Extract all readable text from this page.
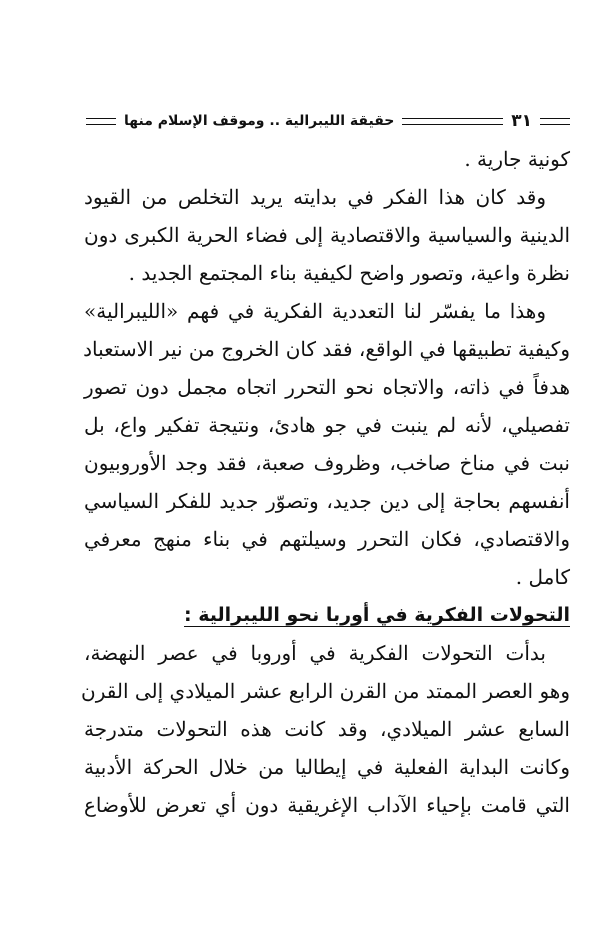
٣١
حقيقة الليبرالية .. وموقف الإسلام منها
كونية جارية .
وقد كان هذا الفكر في بدايته يريد التخلص من القيود
الدينية والسياسية والاقتصادية إلى فضاء الحرية الكبرى دون
نظرة واعية، وتصور واضح لكيفية بناء المجتمع الجديد .
وهذا ما يفسّر لنا التعددية الفكرية في فهم «الليبرالية»
وكيفية تطبيقها في الواقع، فقد كان الخروج من نير الاستعباد
هدفاً في ذاته، والاتجاه نحو التحرر اتجاه مجمل دون تصور
تفصيلي، لأنه لم ينبت في جو هادئ، ونتيجة تفكير واع، بل
نبت في مناخ صاخب، وظروف صعبة، فقد وجد الأوروبيون
أنفسهم بحاجة إلى دين جديد، وتصوّر جديد للفكر السياسي
والاقتصادي، فكان التحرر وسيلتهم في بناء منهج معرفي
كامل .
التحولات الفكرية في أوربا نحو الليبرالية :
بدأت التحولات الفكرية في أوروبا في عصر النهضة،
وهو العصر الممتد من القرن الرابع عشر الميلادي إلى القرن
السابع عشر الميلادي، وقد كانت هذه التحولات متدرجة
وكانت البداية الفعلية في إيطاليا من خلال الحركة الأدبية
التي قامت بإحياء الآداب الإغريقية دون أي تعرض للأوضاع
